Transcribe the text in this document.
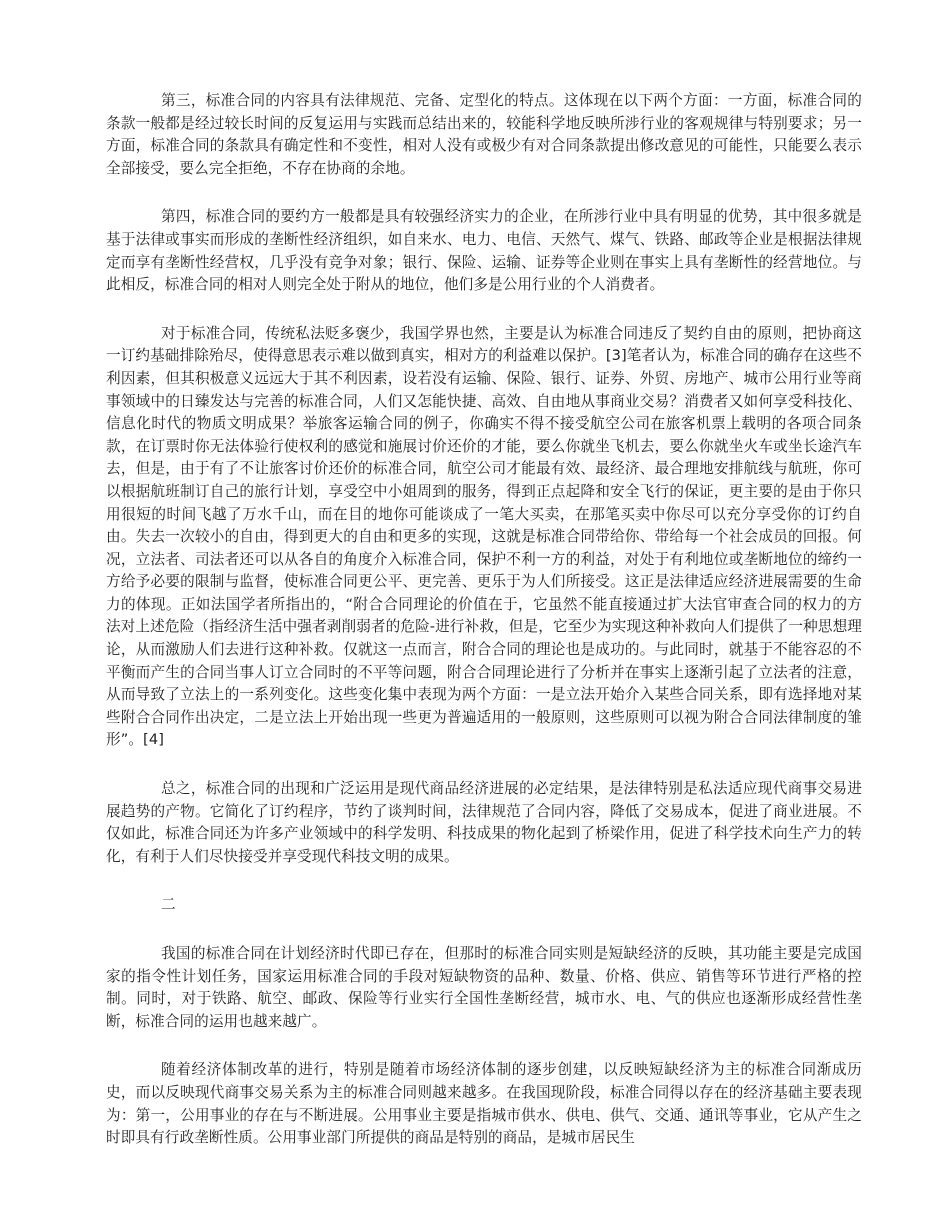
第三，标准合同的内容具有法律规范、完备、定型化的特点。这体现在以下两个方面：一方面，标准合同的条款一般都是经过较长时间的反复运用与实践而总结出来的，较能科学地反映所涉行业的客观规律与特别要求；另一方面，标准合同的条款具有确定性和不变性，相对人没有或极少有对合同条款提出修改意见的可能性，只能要么表示全部接受，要么完全拒绝，不存在协商的余地。

第四，标准合同的要约方一般都是具有较强经济实力的企业，在所涉行业中具有明显的优势，其中很多就是基于法律或事实而形成的垄断性经济组织，如自来水、电力、电信、天然气、煤气、铁路、邮政等企业是根据法律规定而享有垄断性经营权，几乎没有竞争对象；银行、保险、运输、证券等企业则在事实上具有垄断性的经营地位。与此相反，标准合同的相对人则完全处于附从的地位，他们多是公用行业的个人消费者。

对于标准合同，传统私法贬多褒少，我国学界也然，主要是认为标准合同违反了契约自由的原则，把协商这一订约基础排除殆尽，使得意思表示难以做到真实，相对方的利益难以保护。[3]笔者认为，标准合同的确存在这些不利因素，但其积极意义远远大于其不利因素，设若没有运输、保险、银行、证券、外贸、房地产、城市公用行业等商事领域中的日臻发达与完善的标准合同，人们又怎能快捷、高效、自由地从事商业交易？消费者又如何享受科技化、信息化时代的物质文明成果？举旅客运输合同的例子，你确实不得不接受航空公司在旅客机票上载明的各项合同条款，在订票时你无法体验行使权利的感觉和施展讨价还价的才能，要么你就坐飞机去，要么你就坐火车或坐长途汽车去，但是，由于有了不让旅客讨价还价的标准合同，航空公司才能最有效、最经济、最合理地安排航线与航班，你可以根据航班制订自己的旅行计划，享受空中小姐周到的服务，得到正点起降和安全飞行的保证，更主要的是由于你只用很短的时间飞越了万水千山，而在目的地你可能谈成了一笔大买卖，在那笔买卖中你尽可以充分享受你的订约自由。失去一次较小的自由，得到更大的自由和更多的实现，这就是标准合同带给你、带给每一个社会成员的回报。何况，立法者、司法者还可以从各自的角度介入标准合同，保护不利一方的利益，对处于有利地位或垄断地位的缔约一方给予必要的限制与监督，使标准合同更公平、更完善、更乐于为人们所接受。这正是法律适应经济进展需要的生命力的体现。正如法国学者所指出的，“附合合同理论的价值在于，它虽然不能直接通过扩大法官审查合同的权力的方法对上述危险（指经济生活中强者剥削弱者的危险-进行补救，但是，它至少为实现这种补救向人们提供了一种思想理论，从而激励人们去进行这种补救。仅就这一点而言，附合合同的理论也是成功的。与此同时，就基于不能容忍的不平衡而产生的合同当事人订立合同时的不平等问题，附合合同理论进行了分析并在事实上逐渐引起了立法者的注意，从而导致了立法上的一系列变化。这些变化集中表现为两个方面：一是立法开始介入某些合同关系，即有选择地对某些附合合同作出决定，二是立法上开始出现一些更为普遍适用的一般原则，这些原则可以视为附合合同法律制度的雏形”。[4]

总之，标准合同的出现和广泛运用是现代商品经济进展的必定结果，是法律特别是私法适应现代商事交易进展趋势的产物。它简化了订约程序，节约了谈判时间，法律规范了合同内容，降低了交易成本，促进了商业进展。不仅如此，标准合同还为许多产业领域中的科学发明、科技成果的物化起到了桥梁作用，促进了科学技术向生产力的转化，有利于人们尽快接受并享受现代科技文明的成果。

二

我国的标准合同在计划经济时代即已存在，但那时的标准合同实则是短缺经济的反映，其功能主要是完成国家的指令性计划任务，国家运用标准合同的手段对短缺物资的品种、数量、价格、供应、销售等环节进行严格的控制。同时，对于铁路、航空、邮政、保险等行业实行全国性垄断经营，城市水、电、气的供应也逐渐形成经营性垄断，标准合同的运用也越来越广。

随着经济体制改革的进行，特别是随着市场经济体制的逐步创建，以反映短缺经济为主的标准合同渐成历史，而以反映现代商事交易关系为主的标准合同则越来越多。在我国现阶段，标准合同得以存在的经济基础主要表现为：第一，公用事业的存在与不断进展。公用事业主要是指城市供水、供电、供气、交通、通讯等事业，它从产生之时即具有行政垄断性质。公用事业部门所提供的商品是特别的商品，是城市居民生
